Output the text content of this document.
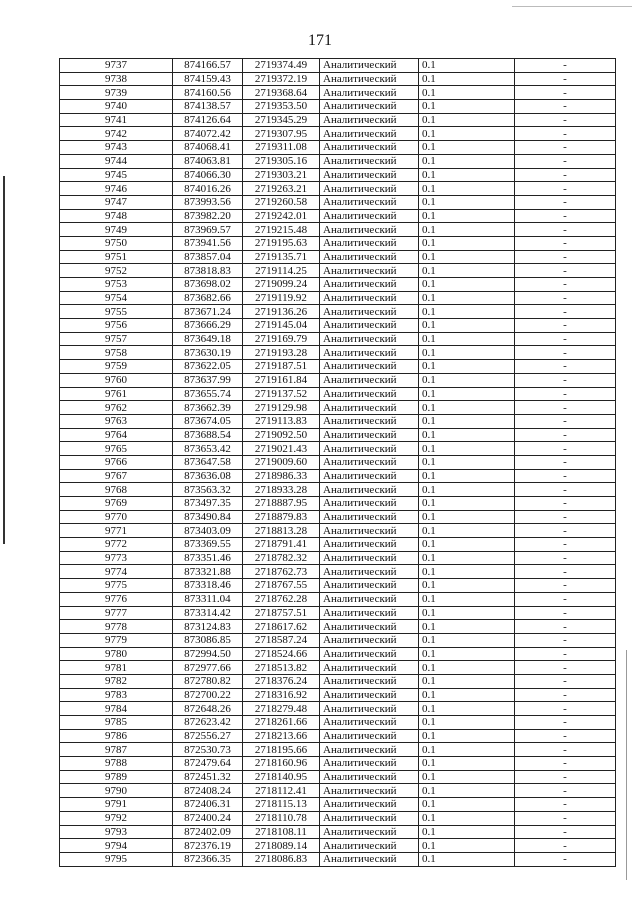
171
9737	874166.57	2719374.49	Аналитический	0.1	-
9738	874159.43	2719372.19	Аналитический	0.1	-
9739	874160.56	2719368.64	Аналитический	0.1	-
9740	874138.57	2719353.50	Аналитический	0.1	-
9741	874126.64	2719345.29	Аналитический	0.1	-
9742	874072.42	2719307.95	Аналитический	0.1	-
9743	874068.41	2719311.08	Аналитический	0.1	-
9744	874063.81	2719305.16	Аналитический	0.1	-
9745	874066.30	2719303.21	Аналитический	0.1	-
9746	874016.26	2719263.21	Аналитический	0.1	-
9747	873993.56	2719260.58	Аналитический	0.1	-
9748	873982.20	2719242.01	Аналитический	0.1	-
9749	873969.57	2719215.48	Аналитический	0.1	-
9750	873941.56	2719195.63	Аналитический	0.1	-
9751	873857.04	2719135.71	Аналитический	0.1	-
9752	873818.83	2719114.25	Аналитический	0.1	-
9753	873698.02	2719099.24	Аналитический	0.1	-
9754	873682.66	2719119.92	Аналитический	0.1	-
9755	873671.24	2719136.26	Аналитический	0.1	-
9756	873666.29	2719145.04	Аналитический	0.1	-
9757	873649.18	2719169.79	Аналитический	0.1	-
9758	873630.19	2719193.28	Аналитический	0.1	-
9759	873622.05	2719187.51	Аналитический	0.1	-
9760	873637.99	2719161.84	Аналитический	0.1	-
9761	873655.74	2719137.52	Аналитический	0.1	-
9762	873662.39	2719129.98	Аналитический	0.1	-
9763	873674.05	2719113.83	Аналитический	0.1	-
9764	873688.54	2719092.50	Аналитический	0.1	-
9765	873653.42	2719021.43	Аналитический	0.1	-
9766	873647.58	2719009.60	Аналитический	0.1	-
9767	873636.08	2718986.33	Аналитический	0.1	-
9768	873563.32	2718933.28	Аналитический	0.1	-
9769	873497.35	2718887.95	Аналитический	0.1	-
9770	873490.84	2718879.83	Аналитический	0.1	-
9771	873403.09	2718813.28	Аналитический	0.1	-
9772	873369.55	2718791.41	Аналитический	0.1	-
9773	873351.46	2718782.32	Аналитический	0.1	-
9774	873321.88	2718762.73	Аналитический	0.1	-
9775	873318.46	2718767.55	Аналитический	0.1	-
9776	873311.04	2718762.28	Аналитический	0.1	-
9777	873314.42	2718757.51	Аналитический	0.1	-
9778	873124.83	2718617.62	Аналитический	0.1	-
9779	873086.85	2718587.24	Аналитический	0.1	-
9780	872994.50	2718524.66	Аналитический	0.1	-
9781	872977.66	2718513.82	Аналитический	0.1	-
9782	872780.82	2718376.24	Аналитический	0.1	-
9783	872700.22	2718316.92	Аналитический	0.1	-
9784	872648.26	2718279.48	Аналитический	0.1	-
9785	872623.42	2718261.66	Аналитический	0.1	-
9786	872556.27	2718213.66	Аналитический	0.1	-
9787	872530.73	2718195.66	Аналитический	0.1	-
9788	872479.64	2718160.96	Аналитический	0.1	-
9789	872451.32	2718140.95	Аналитический	0.1	-
9790	872408.24	2718112.41	Аналитический	0.1	-
9791	872406.31	2718115.13	Аналитический	0.1	-
9792	872400.24	2718110.78	Аналитический	0.1	-
9793	872402.09	2718108.11	Аналитический	0.1	-
9794	872376.19	2718089.14	Аналитический	0.1	-
9795	872366.35	2718086.83	Аналитический	0.1	-
